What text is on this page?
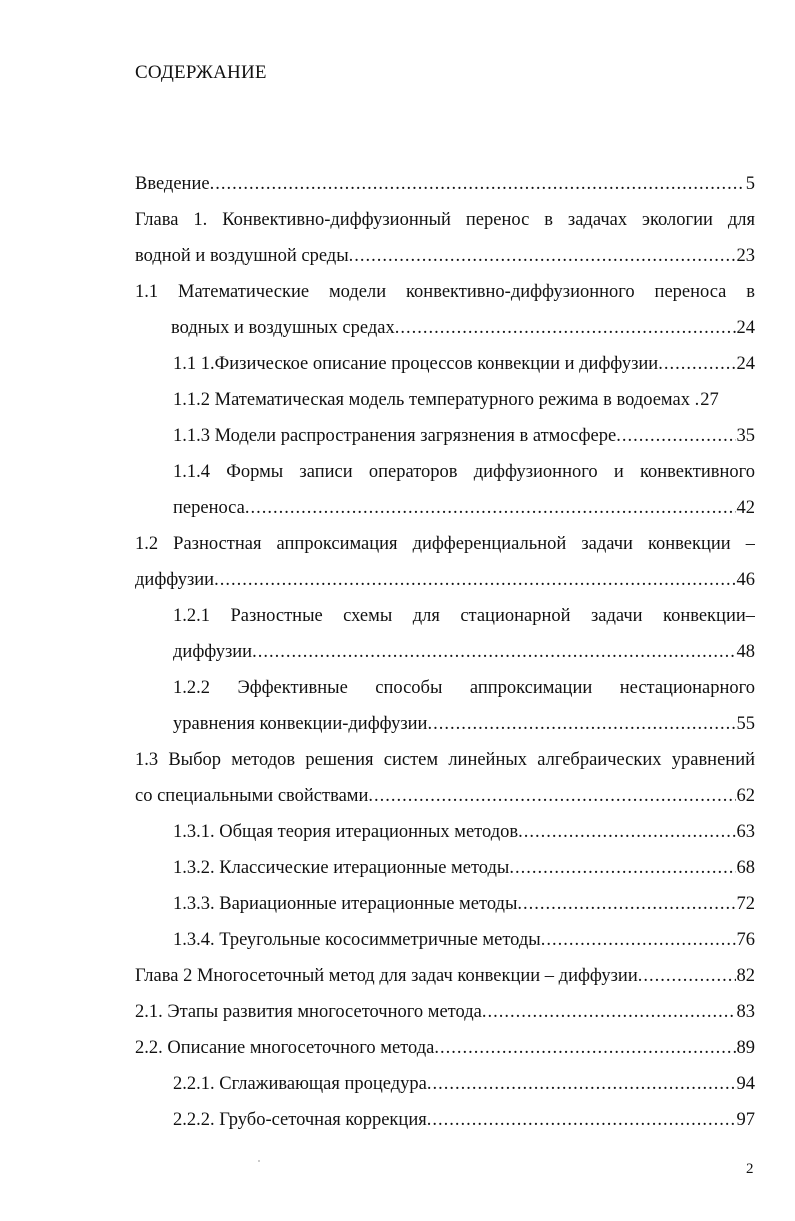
СОДЕРЖАНИЕ
Введение .....	5
Глава 1. Конвективно-диффузионный перенос в задачах экологии для
водной и воздушной среды .....	23
1.1 Математические модели конвективно-диффузионного переноса в
водных и воздушных средах .....	24
1.1 1.Физическое описание процессов конвекции и диффузии .....	24
1.1.2 Математическая модель температурного режима в водоемах . 27
1.1.3 Модели распространения загрязнения в атмосфере .....	35
1.1.4 Формы записи операторов диффузионного и конвективного
переноса .....	42
1.2 Разностная аппроксимация дифференциальной задачи конвекции –
диффузии .....	46
1.2.1 Разностные схемы для стационарной задачи конвекции–
диффузии .....	48
1.2.2 Эффективные способы аппроксимации нестационарного
уравнения конвекции-диффузии .....	55
1.3 Выбор методов решения систем линейных алгебраических уравнений
со специальными свойствами .....	62
1.3.1. Общая теория итерационных методов .....	63
1.3.2. Классические итерационные методы .....	68
1.3.3. Вариационные итерационные методы .....	72
1.3.4. Треугольные кососимметричные методы .....	76
Глава 2 Многосеточный метод для задач конвекции – диффузии .....	82
2.1. Этапы развития многосеточного метода .....	83
2.2. Описание многосеточного метода .....	89
2.2.1. Сглаживающая процедура .....	94
2.2.2. Грубо-сеточная коррекция .....	97
2
